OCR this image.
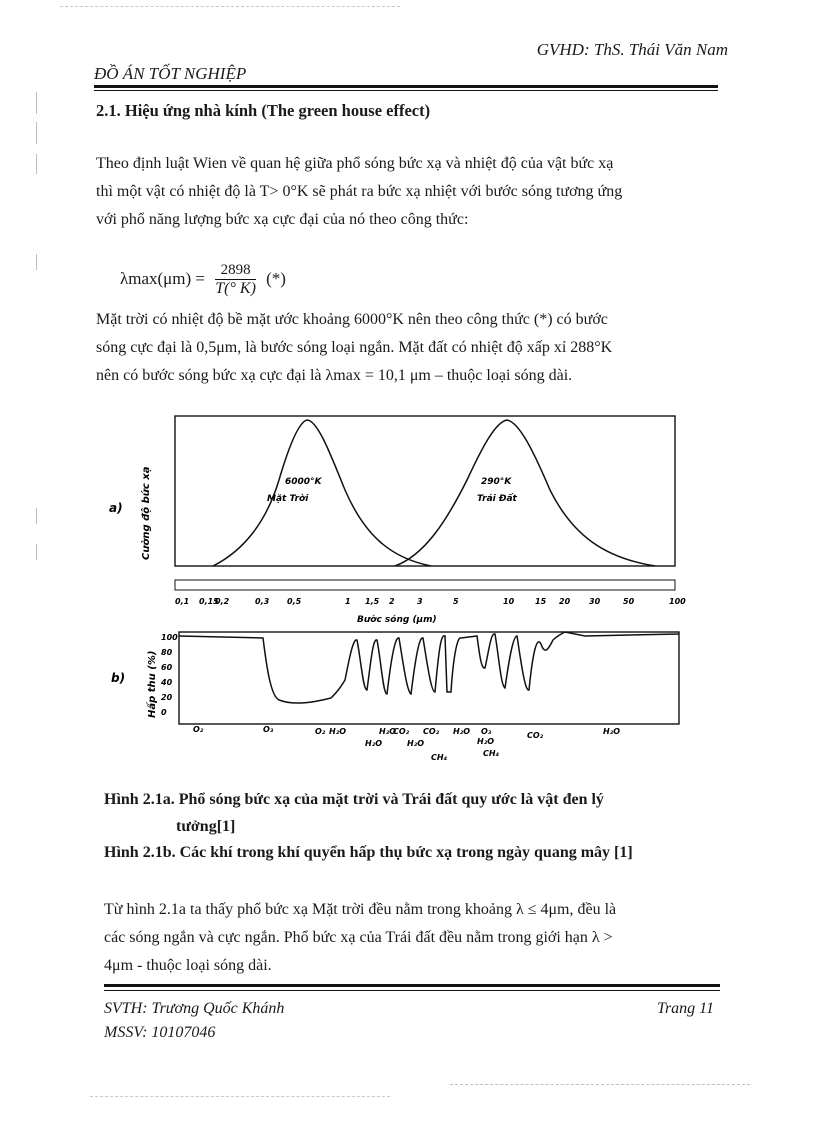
GVHD: ThS. Thái Văn Nam
ĐỒ ÁN TỐT NGHIỆP
2.1. Hiệu ứng nhà kính (The green house effect)
Theo định luật Wien về quan hệ giữa phổ sóng bức xạ và nhiệt độ của vật bức xạ
thì một vật có nhiệt độ là T> 0°K sẽ phát ra bức xạ nhiệt với bước sóng tương ứng
với phổ năng lượng bức xạ cực đại của nó theo công thức:
$\lambda\max(\mu m) = \frac{2898}{T(^\circ K)}$ (*)
Mặt trời có nhiệt độ bề mặt ước khoảng 6000°K nên theo công thức (*) có bước
sóng cực đại là 0,5μm, là bước sóng loại ngắn. Mặt đất có nhiệt độ xấp xỉ 288°K
nên có bước sóng bức xạ cực đại là λmax = 10,1 μm – thuộc loại sóng dài.
a) Cường độ bức xạ	6000°K
Mặt Trời
290°K
Trái Đất
0,1 0,15
0,2	0,3 0,5	1 1,5 2	3	5	10	15 20 30	50	100
Bước sóng (μm)
b) Hấp thu (%)
100
80
60
40
20
0
O₂	O₃	O₂ H₂O	H₂O
CO₂ CO₂ H₂O O₃
H₂O	H₂O	H₂O
CH₄	CH₄
CO₂	H₂O
Hình 2.1a. Phổ sóng bức xạ của mặt trời và Trái đất quy ước là vật đen lý
tưởng[1]
Hình 2.1b. Các khí trong khí quyển hấp thụ bức xạ trong ngày quang mây [1]
Từ hình 2.1a ta thấy phổ bức xạ Mặt trời đều nằm trong khoảng λ ≤ 4μm, đều là
các sóng ngắn và cực ngắn. Phổ bức xạ của Trái đất đều nằm trong giới hạn λ >
4μm - thuộc loại sóng dài.
SVTH: Trương Quốc Khánh
MSSV: 10107046
Trang 11
